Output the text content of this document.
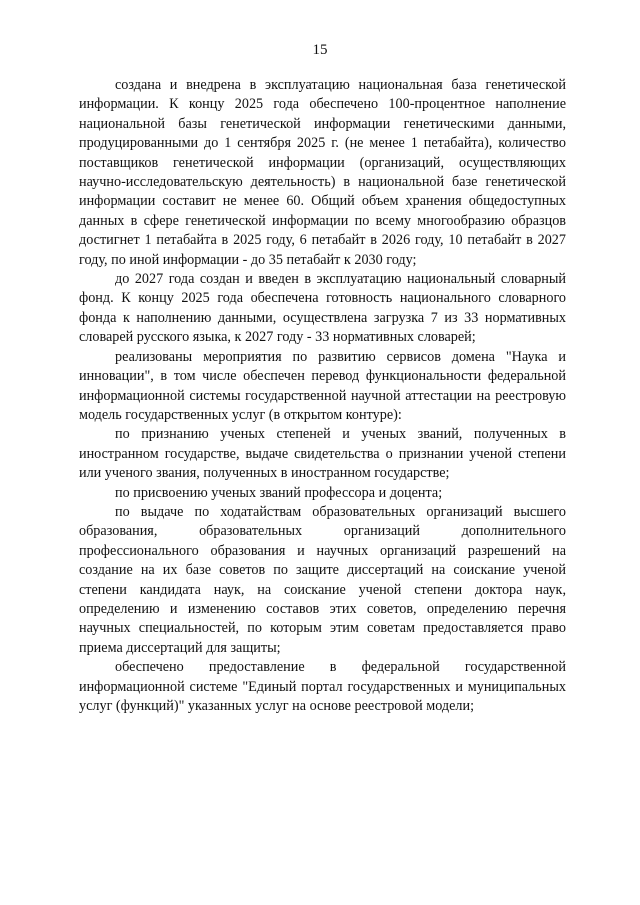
15

создана и внедрена в эксплуатацию национальная база генетической информации. К концу 2025 года обеспечено 100-процентное наполнение национальной базы генетической информации генетическими данными, продуцированными до 1 сентября 2025 г. (не менее 1 петабайта), количество поставщиков генетической информации (организаций, осуществляющих научно-исследовательскую деятельность) в национальной базе генетической информации составит не менее 60. Общий объем хранения общедоступных данных в сфере генетической информации по всему многообразию образцов достигнет 1 петабайта в 2025 году, 6 петабайт в 2026 году, 10 петабайт в 2027 году, по иной информации - до 35 петабайт к 2030 году;

до 2027 года создан и введен в эксплуатацию национальный словарный фонд. К концу 2025 года обеспечена готовность национального словарного фонда к наполнению данными, осуществлена загрузка 7 из 33 нормативных словарей русского языка, к 2027 году - 33 нормативных словарей;

реализованы мероприятия по развитию сервисов домена "Наука и инновации", в том числе обеспечен перевод функциональности федеральной информационной системы государственной научной аттестации на реестровую модель государственных услуг (в открытом контуре):

по признанию ученых степеней и ученых званий, полученных в иностранном государстве, выдаче свидетельства о признании ученой степени или ученого звания, полученных в иностранном государстве;

по присвоению ученых званий профессора и доцента;

по выдаче по ходатайствам образовательных организаций высшего образования, образовательных организаций дополнительного профессионального образования и научных организаций разрешений на создание на их базе советов по защите диссертаций на соискание ученой степени кандидата наук, на соискание ученой степени доктора наук, определению и изменению составов этих советов, определению перечня научных специальностей, по которым этим советам предоставляется право приема диссертаций для защиты;

обеспечено предоставление в федеральной государственной информационной системе "Единый портал государственных и муниципальных услуг (функций)" указанных услуг на основе реестровой модели;
